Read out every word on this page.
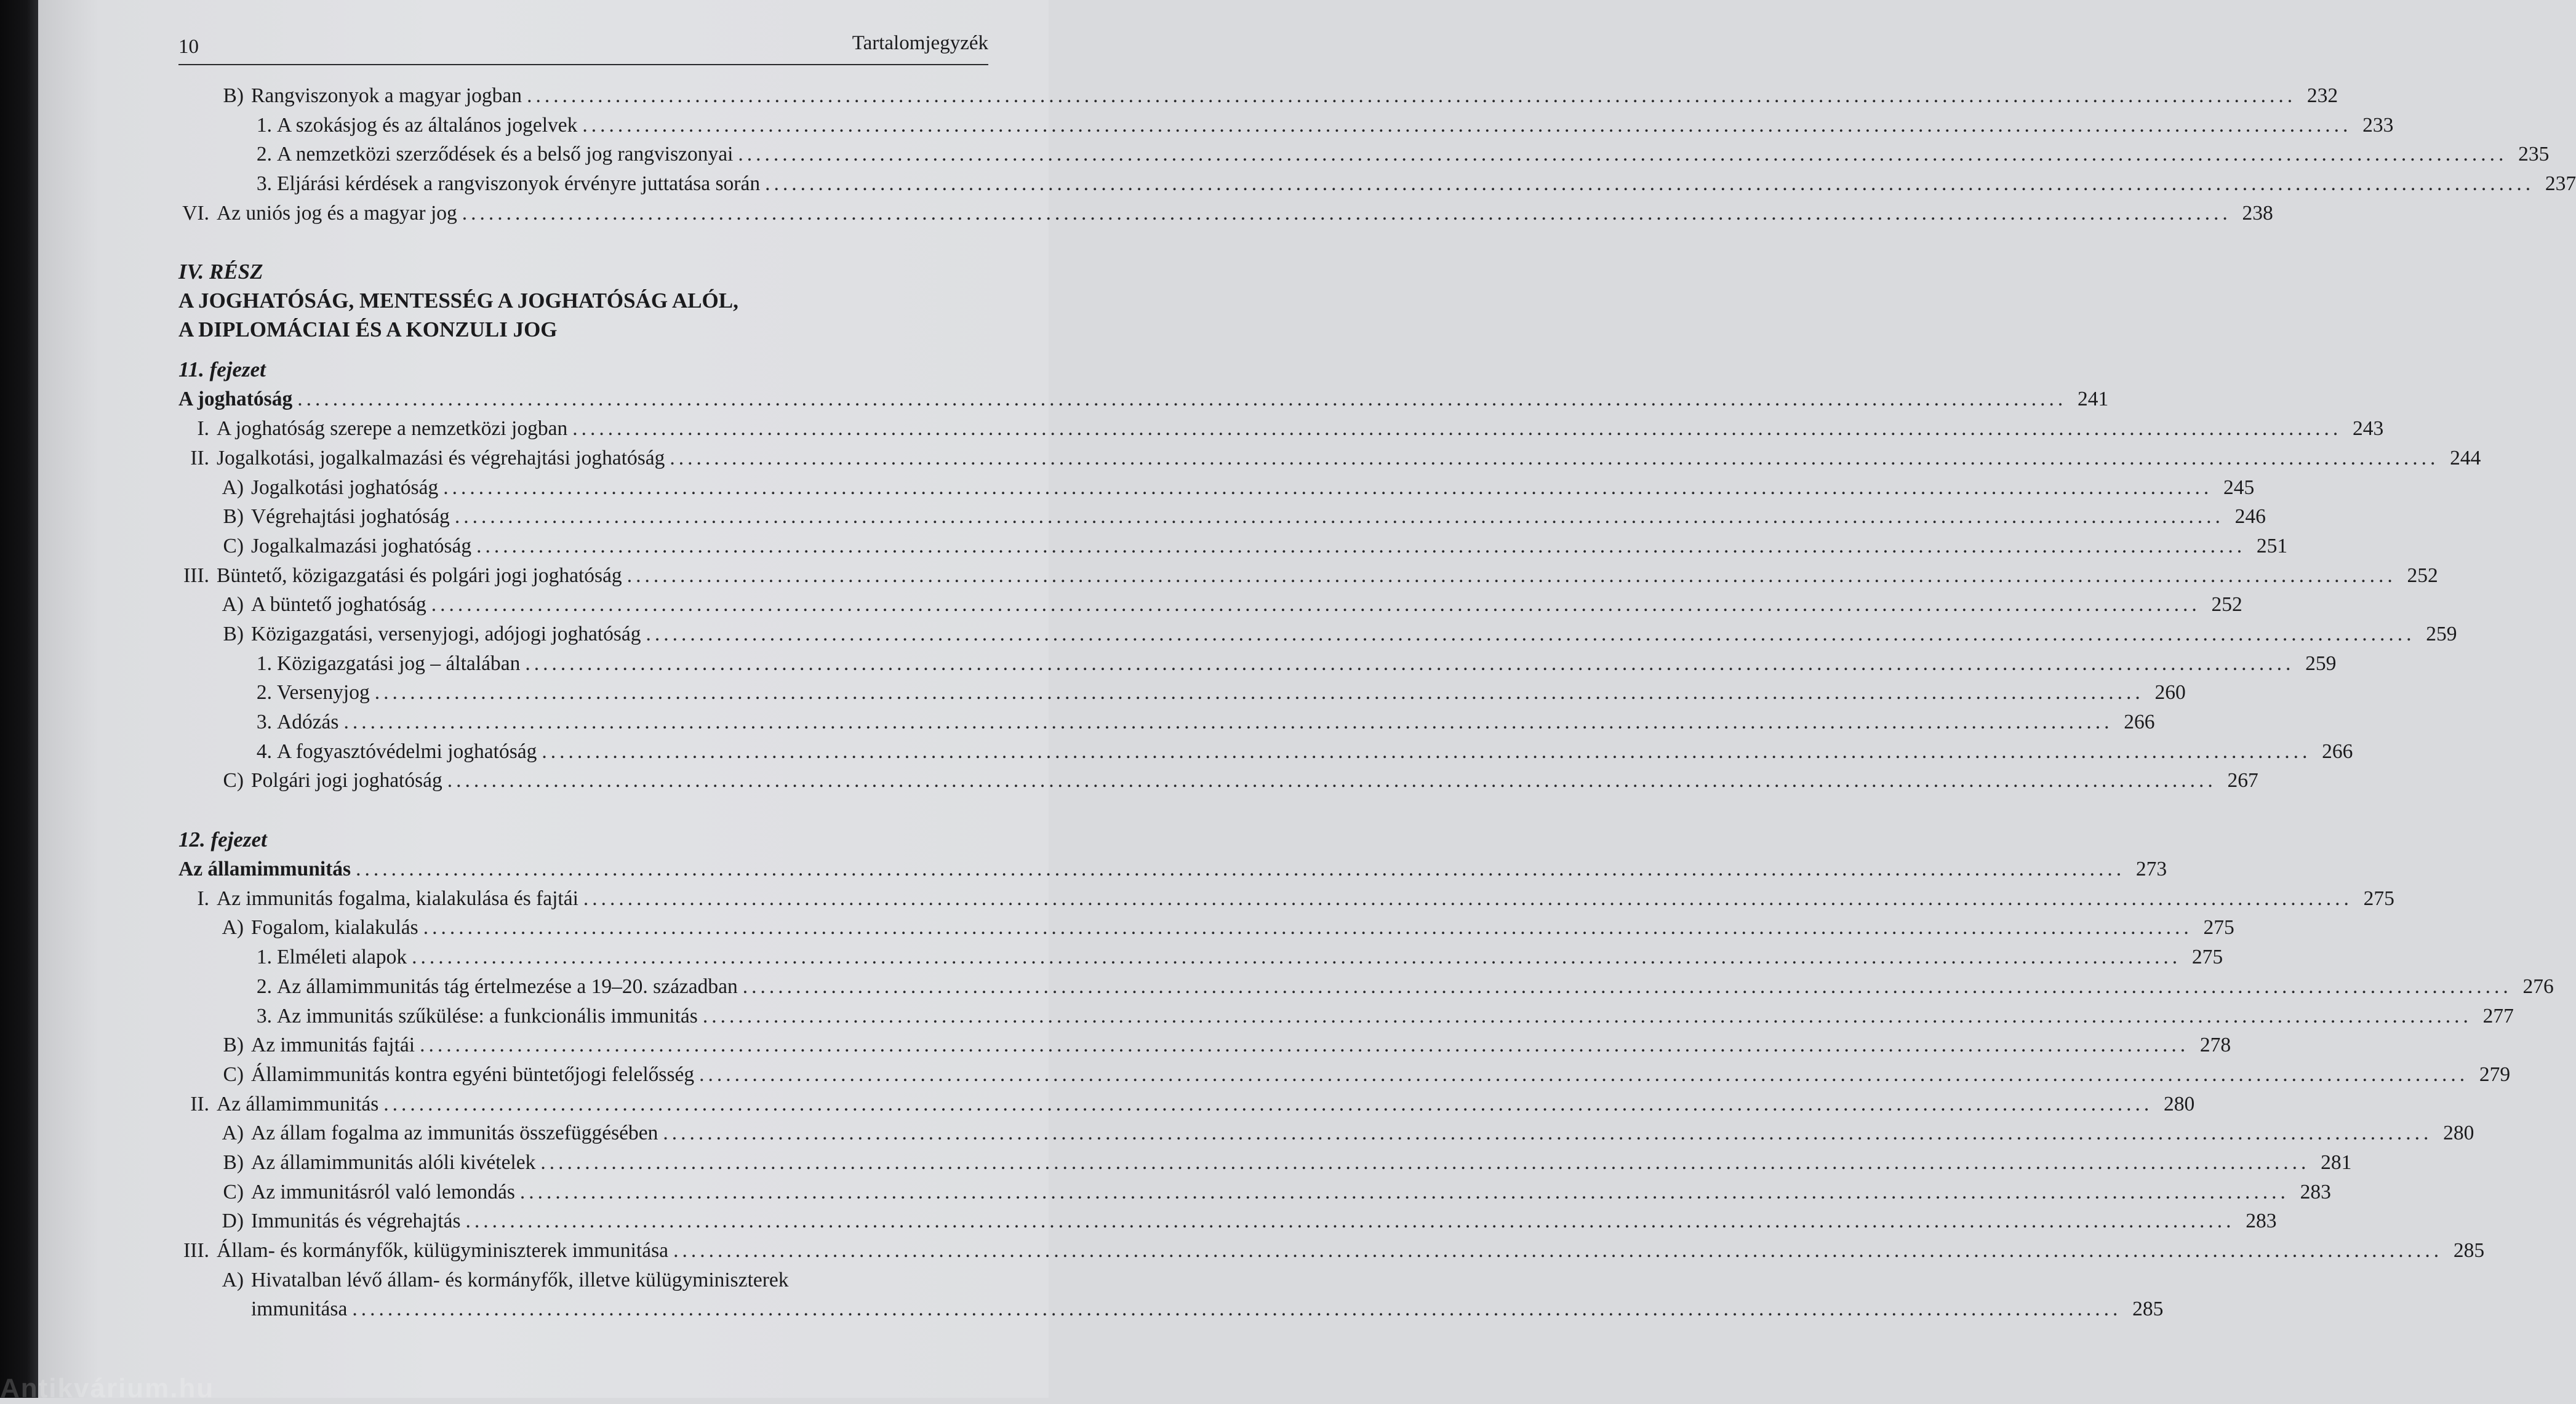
Antikvárium.hu
10	Tartalomjegyzék
B) Rangviszonyok a magyar jogban ........................................................................................................................................................................................................ 232
1. A szokásjog és az általános jogelvek ........................................................................................................................................................................................................ 233
2. A nemzetközi szerződések és a belső jog rangviszonyai ........................................................................................................................................................................................................ 235
3. Eljárási kérdések a rangviszonyok érvényre juttatása során ........................................................................................................................................................................................................ 237
VI. Az uniós jog és a magyar jog ........................................................................................................................................................................................................ 238
IV. RÉSZ
A JOGHATÓSÁG, MENTESSÉG A JOGHATÓSÁG ALÓL,
A DIPLOMÁCIAI ÉS A KONZULI JOG
11. fejezet
A joghatóság ........................................................................................................................................................................................................ 241
I. A joghatóság szerepe a nemzetközi jogban ........................................................................................................................................................................................................ 243
II. Jogalkotási, jogalkalmazási és végrehajtási joghatóság ........................................................................................................................................................................................................ 244
A) Jogalkotási joghatóság ........................................................................................................................................................................................................ 245
B) Végrehajtási joghatóság ........................................................................................................................................................................................................ 246
C) Jogalkalmazási joghatóság ........................................................................................................................................................................................................ 251
III. Büntető, közigazgatási és polgári jogi joghatóság ........................................................................................................................................................................................................ 252
A) A büntető joghatóság ........................................................................................................................................................................................................ 252
B) Közigazgatási, versenyjogi, adójogi joghatóság ........................................................................................................................................................................................................ 259
1. Közigazgatási jog – általában ........................................................................................................................................................................................................ 259
2. Versenyjog ........................................................................................................................................................................................................ 260
3. Adózás ........................................................................................................................................................................................................ 266
4. A fogyasztóvédelmi joghatóság ........................................................................................................................................................................................................ 266
C) Polgári jogi joghatóság ........................................................................................................................................................................................................ 267
12. fejezet
Az államimmunitás ........................................................................................................................................................................................................ 273
I. Az immunitás fogalma, kialakulása és fajtái ........................................................................................................................................................................................................ 275
A) Fogalom, kialakulás ........................................................................................................................................................................................................ 275
1. Elméleti alapok ........................................................................................................................................................................................................ 275
2. Az államimmunitás tág értelmezése a 19–20. században ........................................................................................................................................................................................................ 276
3. Az immunitás szűkülése: a funkcionális immunitás ........................................................................................................................................................................................................ 277
B) Az immunitás fajtái ........................................................................................................................................................................................................ 278
C) Államimmunitás kontra egyéni büntetőjogi felelősség ........................................................................................................................................................................................................ 279
II. Az államimmunitás ........................................................................................................................................................................................................ 280
A) Az állam fogalma az immunitás összefüggésében ........................................................................................................................................................................................................ 280
B) Az államimmunitás alóli kivételek ........................................................................................................................................................................................................ 281
C) Az immunitásról való lemondás ........................................................................................................................................................................................................ 283
D) Immunitás és végrehajtás ........................................................................................................................................................................................................ 283
III. Állam- és kormányfők, külügyminiszterek immunitása ........................................................................................................................................................................................................ 285
A) Hivatalban lévő állam- és kormányfők, illetve külügyminiszterek
immunitása ........................................................................................................................................................................................................ 285
